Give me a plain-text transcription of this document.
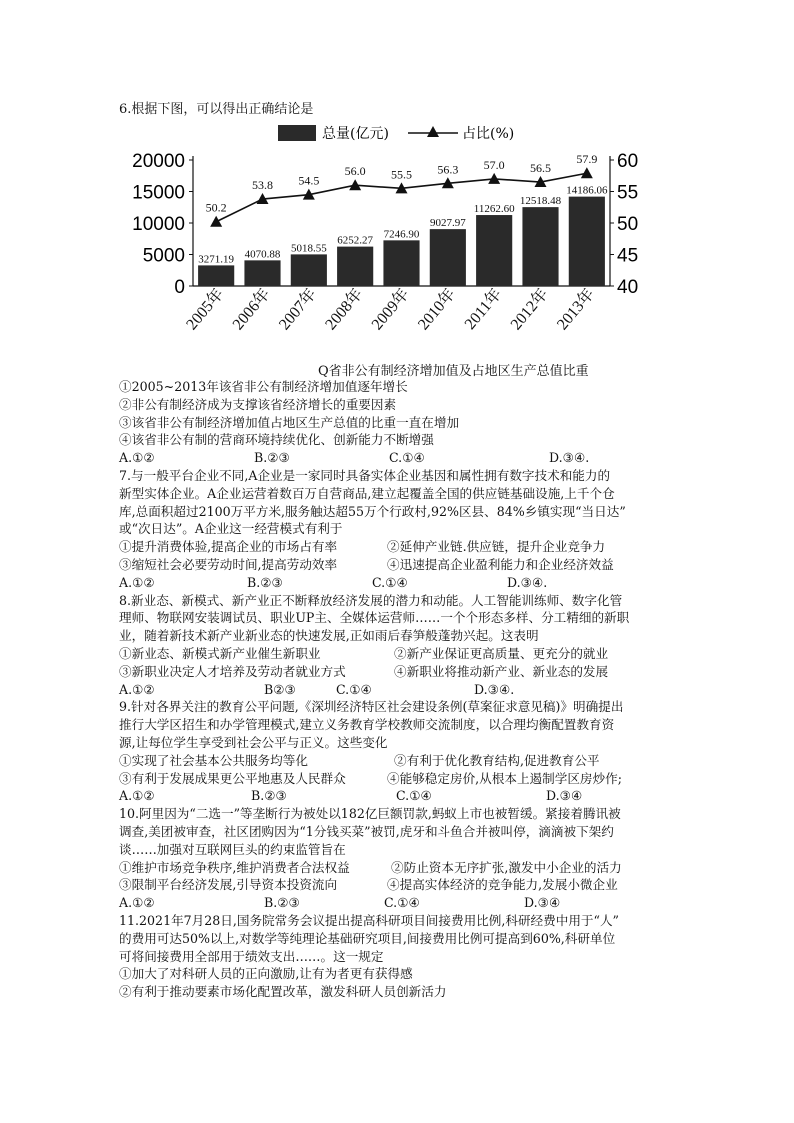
6.根据下图，可以得出正确结论是
总量(亿元)	占比(%)
20000
15000
10000
5000
0
60
55
50
45
40
3271.19 4070.88 5018.55
6252.27
7246.90
9027.97
11262.60
12518.48
14186.06
50.2
53.8 54.5
56.0 55.5 56.3 57.0 56.5
57.9
2005年 2006年 2007年 2008年 2009年 2010年 2011年 2012年 2013年
Q省非公有制经济增加值及占地区生产总值比重
①2005~2013年该省非公有制经济增加值逐年增长
②非公有制经济成为支撑该省经济增长的重要因素
③该省非公有制经济增加值占地区生产总值的比重一直在增加
④该省非公有制的营商环境持续优化、创新能力不断增强
A.①②	B.②③	C.①④	D.③④.
7.与一般平台企业不同,A企业是一家同时具备实体企业基因和属性拥有数字技术和能力的
新型实体企业。A企业运营着数百万自营商品,建立起覆盖全国的供应链基础设施,上千个仓
库,总面积超过2100万平方米,服务触达超55万个行政村,92%区县、84%乡镇实现“当日达”
或“次日达”。A企业这一经营模式有利于
①提升消费体验,提高企业的市场占有率	②延伸产业链.供应链，提升企业竞争力
③缩短社会必要劳动时间,提高劳动效率	④迅速提高企业盈利能力和企业经济效益
A.①②	B.②③	C.①④	D.③④.
8.新业态、新模式、新产业正不断释放经济发展的潜力和动能。人工智能训练师、数字化管
理师、物联网安装调试员、职业UP主、全媒体运营师……一个个形态多样、分工精细的新职
业，随着新技术新产业新业态的快速发展,正如雨后春笋般蓬勃兴起。这表明
①新业态、新模式新产业催生新职业	②新产业保证更高质量、更充分的就业
③新职业决定人才培养及劳动者就业方式	④新职业将推动新产业、新业态的发展
A.①②	B②③	C.①④	D.③④.
9.针对各界关注的教育公平问题,《深圳经济特区社会建设条例(草案征求意见稿)》明确提出
推行大学区招生和办学管理模式,建立义务教育学校教师交流制度，以合理均衡配置教育资
源,让每位学生享受到社会公平与正义。这些变化
①实现了社会基本公共服务均等化	②有利于优化教育结构,促进教育公平
③有利于发展成果更公平地惠及人民群众	④能够稳定房价,从根本上遏制学区房炒作;
A.①②	B.②③	C.①④	D.③④
10.阿里因为“二选一”等垄断行为被处以182亿巨额罚款,蚂蚁上市也被暂缓。紧接着腾讯被
调查,美团被审查，社区团购因为“1分钱买菜”被罚,虎牙和斗鱼合并被叫停，滴滴被下架约
谈……加强对互联网巨头的约束监管旨在
①维护市场竞争秩序,维护消费者合法权益	②防止资本无序扩张,激发中小企业的活力
③限制平台经济发展,引导资本投资流向	④提高实体经济的竞争能力,发展小微企业
A.①②	B.②③	C.①④	D.③④
11.2021年7月28日,国务院常务会议提出提高科研项目间接费用比例,科研经费中用于“人”
的费用可达50%以上,对数学等纯理论基础研究项目,间接费用比例可提高到60%,科研单位
可将间接费用全部用于绩效支出……。这一规定
①加大了对科研人员的正向激励,让有为者更有获得感
②有利于推动要素市场化配置改革，激发科研人员创新活力
